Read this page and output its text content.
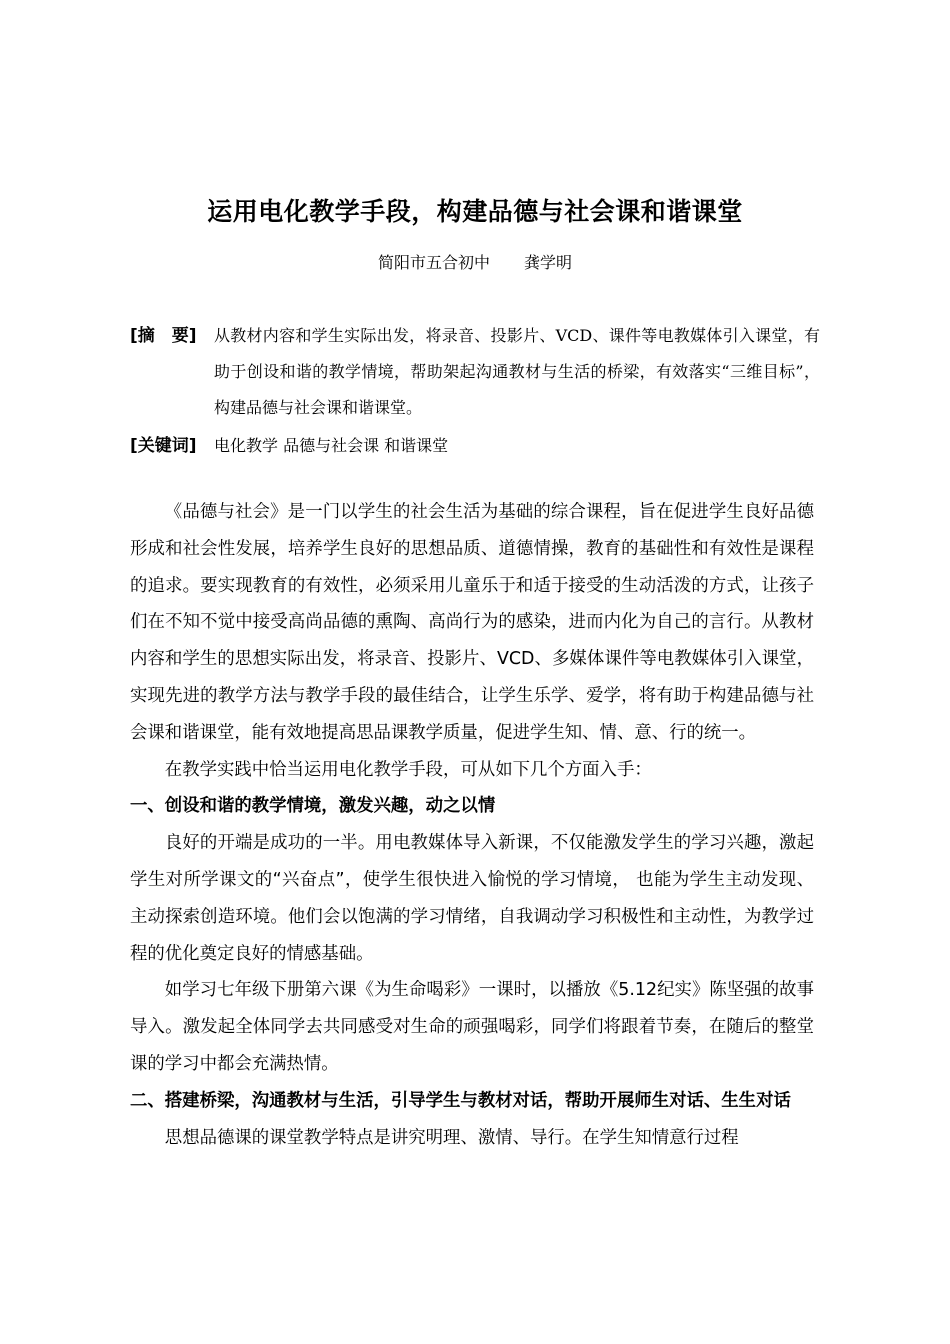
运用电化教学手段，构建品德与社会课和谐课堂
简阳市五合初中 龚学明
[摘　要] 从教材内容和学生实际出发，将录音、投影片、VCD、课件等电教媒体引入课堂，有助于创设和谐的教学情境，帮助架起沟通教材与生活的桥梁，有效落实“三维目标”，构建品德与社会课和谐课堂。
[关键词] 电化教学 品德与社会课 和谐课堂

《品德与社会》是一门以学生的社会生活为基础的综合课程，旨在促进学生良好品德形成和社会性发展，培养学生良好的思想品质、道德情操，教育的基础性和有效性是课程的追求。要实现教育的有效性，必须采用儿童乐于和适于接受的生动活泼的方式，让孩子们在不知不觉中接受高尚品德的熏陶、高尚行为的感染，进而内化为自己的言行。从教材内容和学生的思想实际出发，将录音、投影片、VCD、多媒体课件等电教媒体引入课堂，实现先进的教学方法与教学手段的最佳结合，让学生乐学、爱学，将有助于构建品德与社会课和谐课堂，能有效地提高思品课教学质量，促进学生知、情、意、行的统一。

在教学实践中恰当运用电化教学手段，可从如下几个方面入手：

一、创设和谐的教学情境，激发兴趣，动之以情

良好的开端是成功的一半。用电教媒体导入新课，不仅能激发学生的学习兴趣，激起学生对所学课文的“兴奋点”，使学生很快进入愉悦的学习情境， 也能为学生主动发现、主动探索创造环境。他们会以饱满的学习情绪，自我调动学习积极性和主动性，为教学过程的优化奠定良好的情感基础。

如学习七年级下册第六课《为生命喝彩》一课时，以播放《5.12纪实》陈坚强的故事导入。激发起全体同学去共同感受对生命的顽强喝彩，同学们将跟着节奏，在随后的整堂课的学习中都会充满热情。

二、搭建桥梁，沟通教材与生活，引导学生与教材对话，帮助开展师生对话、生生对话

思想品德课的课堂教学特点是讲究明理、激情、导行。在学生知情意行过程
